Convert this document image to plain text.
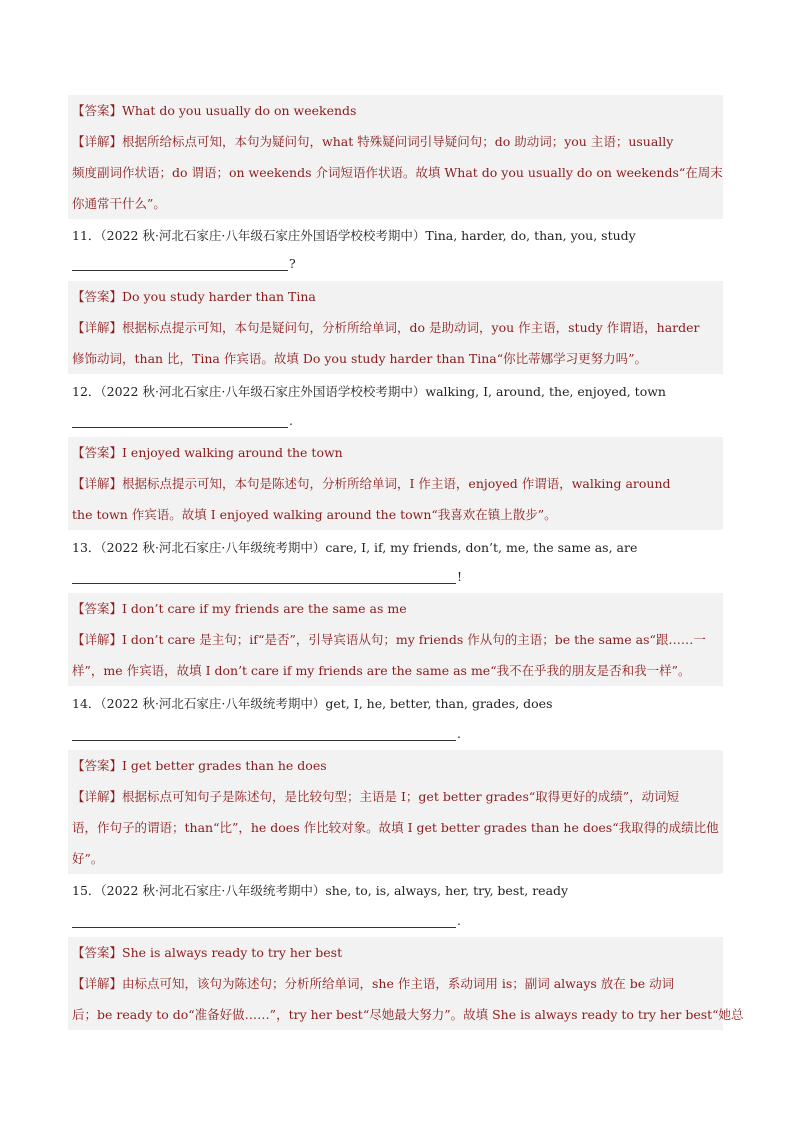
【答案】What do you usually do on weekends
【详解】根据所给标点可知，本句为疑问句，what 特殊疑问词引导疑问句；do 助动词；you 主语；usually
频度副词作状语；do 谓语；on weekends 介词短语作状语。故填 What do you usually do on weekends“在周末
你通常干什么”。
11．（2022 秋·河北石家庄·八年级石家庄外国语学校校考期中）Tina, harder, do, than, you, study
?
【答案】Do you study harder than Tina
【详解】根据标点提示可知，本句是疑问句，分析所给单词，do 是助动词，you 作主语，study 作谓语，harder
修饰动词，than 比，Tina 作宾语。故填 Do you study harder than Tina“你比蒂娜学习更努力吗”。
12．（2022 秋·河北石家庄·八年级石家庄外国语学校校考期中）walking, I, around, the, enjoyed, town
.
【答案】I enjoyed walking around the town
【详解】根据标点提示可知，本句是陈述句，分析所给单词，I 作主语，enjoyed 作谓语，walking around
the town 作宾语。故填 I enjoyed walking around the town“我喜欢在镇上散步”。
13．（2022 秋·河北石家庄·八年级统考期中）care, I, if, my friends, don’t, me, the same as, are
!
【答案】I don’t care if my friends are the same as me
【详解】I don’t care 是主句；if“是否”，引导宾语从句；my friends 作从句的主语；be the same as“跟……一
样”，me 作宾语，故填 I don’t care if my friends are the same as me“我不在乎我的朋友是否和我一样”。
14．（2022 秋·河北石家庄·八年级统考期中）get, I, he, better, than, grades, does
.
【答案】I get better grades than he does
【详解】根据标点可知句子是陈述句，是比较句型；主语是 I；get better grades“取得更好的成绩”，动词短
语，作句子的谓语；than“比”，he does 作比较对象。故填 I get better grades than he does“我取得的成绩比他
好”。
15．（2022 秋·河北石家庄·八年级统考期中）she, to, is, always, her, try, best, ready
.
【答案】She is always ready to try her best
【详解】由标点可知，该句为陈述句；分析所给单词，she 作主语，系动词用 is；副词 always 放在 be 动词
后；be ready to do“准备好做……”，try her best“尽她最大努力”。故填 She is always ready to try her best“她总
